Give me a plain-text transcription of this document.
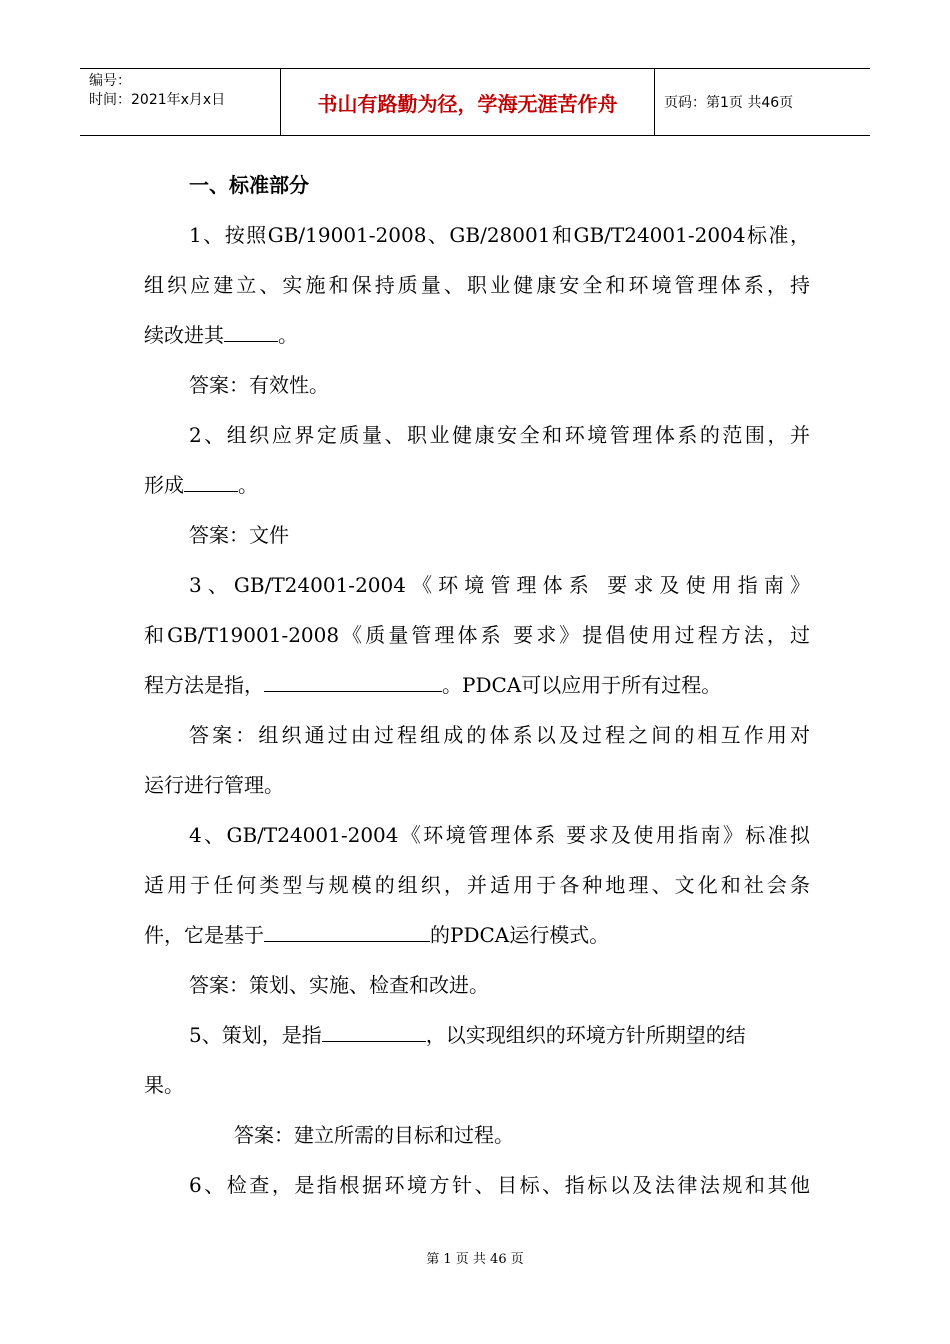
编号：
时间：2021年x月x日	书山有路勤为径，学海无涯苦作舟	页码：第1页 共46页
一、标准部分
1、按照GB/19001-2008、GB/28001和GB/T24001-2004标准，
组织应建立、实施和保持质量、职业健康安全和环境管理体系，持
续改进其	。
答案：有效性。
2、组织应界定质量、职业健康安全和环境管理体系的范围，并
形成	。
答案：文件
3、GB/T24001-2004《环境管理体系 要求及使用指南》
和GB/T19001-2008《质量管理体系 要求》提倡使用过程方法，过
程方法是指，	。PDCA可以应用于所有过程。
答案：组织通过由过程组成的体系以及过程之间的相互作用对
运行进行管理。
4、GB/T24001-2004《环境管理体系 要求及使用指南》标准拟
适用于任何类型与规模的组织，并适用于各种地理、文化和社会条
件，它是基于	的PDCA运行模式。
答案：策划、实施、检查和改进。
5、策划，是指	，以实现组织的环境方针所期望的结
果。
答案：建立所需的目标和过程。
6、检查，是指根据环境方针、目标、指标以及法律法规和其他
第 1 页 共 46 页
